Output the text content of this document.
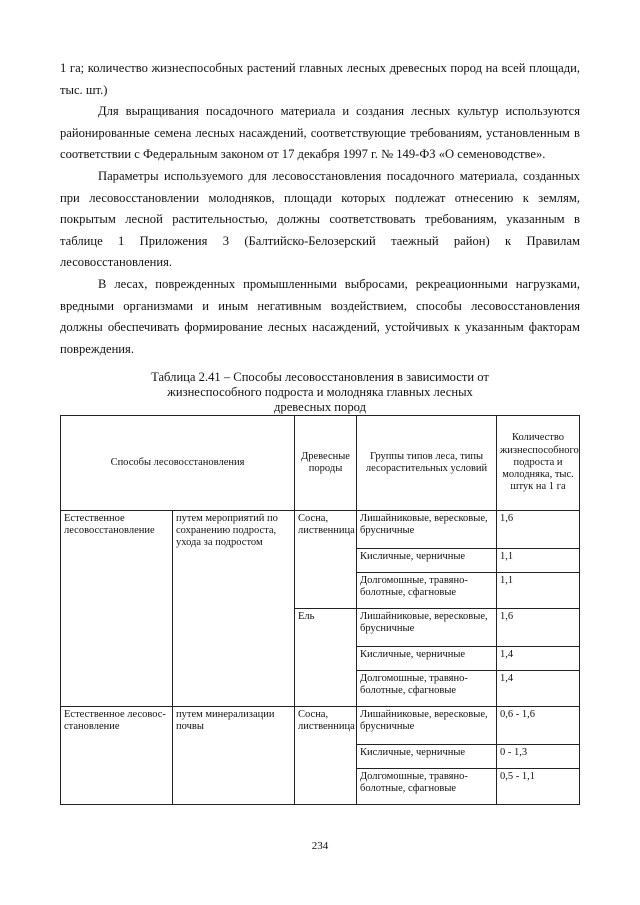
1 га; количество жизнеспособных растений главных лесных древесных пород на всей площади, тыс. шт.)

Для выращивания посадочного материала и создания лесных культур используются районированные семена лесных насаждений, соответствующие требованиям, установленным в соответствии с Федеральным законом от 17 декабря 1997 г. № 149-ФЗ «О семеноводстве».

Параметры используемого для лесовосстановления посадочного материала, созданных при лесовосстановлении молодняков, площади которых подлежат отнесению к землям, покрытым лесной растительностью, должны соответствовать требованиям, указанным в таблице 1 Приложения 3 (Балтийско-Белозерский таежный район) к Правилам лесовосстановления.

В лесах, поврежденных промышленными выбросами, рекреационными нагрузками, вредными организмами и иным негативным воздействием, способы лесовосстановления должны обеспечивать формирование лесных насаждений, устойчивых к указанным факторам повреждения.

Таблица 2.41 – Способы лесовосстановления в зависимости от жизнеспособного подроста и молодняка главных лесных древесных пород
Способы лесовосстановления		Древесные породы	Группы типов леса, типы лесорастительных условий	Количество жизнеспособного подроста и молодняка, тыс. штук на 1 га
Естественное лесовосстановление	путем мероприятий по сохранению подроста, ухода за подростом	Сосна, лиственница	Лишайниковые, вересковые, брусничные	1,6
			Кисличные, черничные	1,1
			Долгомошные, травяно-болотные, сфагновые	1,1
		Ель	Лишайниковые, вересковые, брусничные	1,6
			Кисличные, черничные	1,4
			Долгомошные, травяно-болотные, сфагновые	1,4
Естественное лесовос-становление	путем минерализации почвы	Сосна, лиственница	Лишайниковые, вересковые, брусничные	0,6 - 1,6
			Кисличные, черничные	0 - 1,3
			Долгомошные, травяно-болотные, сфагновые	0,5 - 1,1
234
